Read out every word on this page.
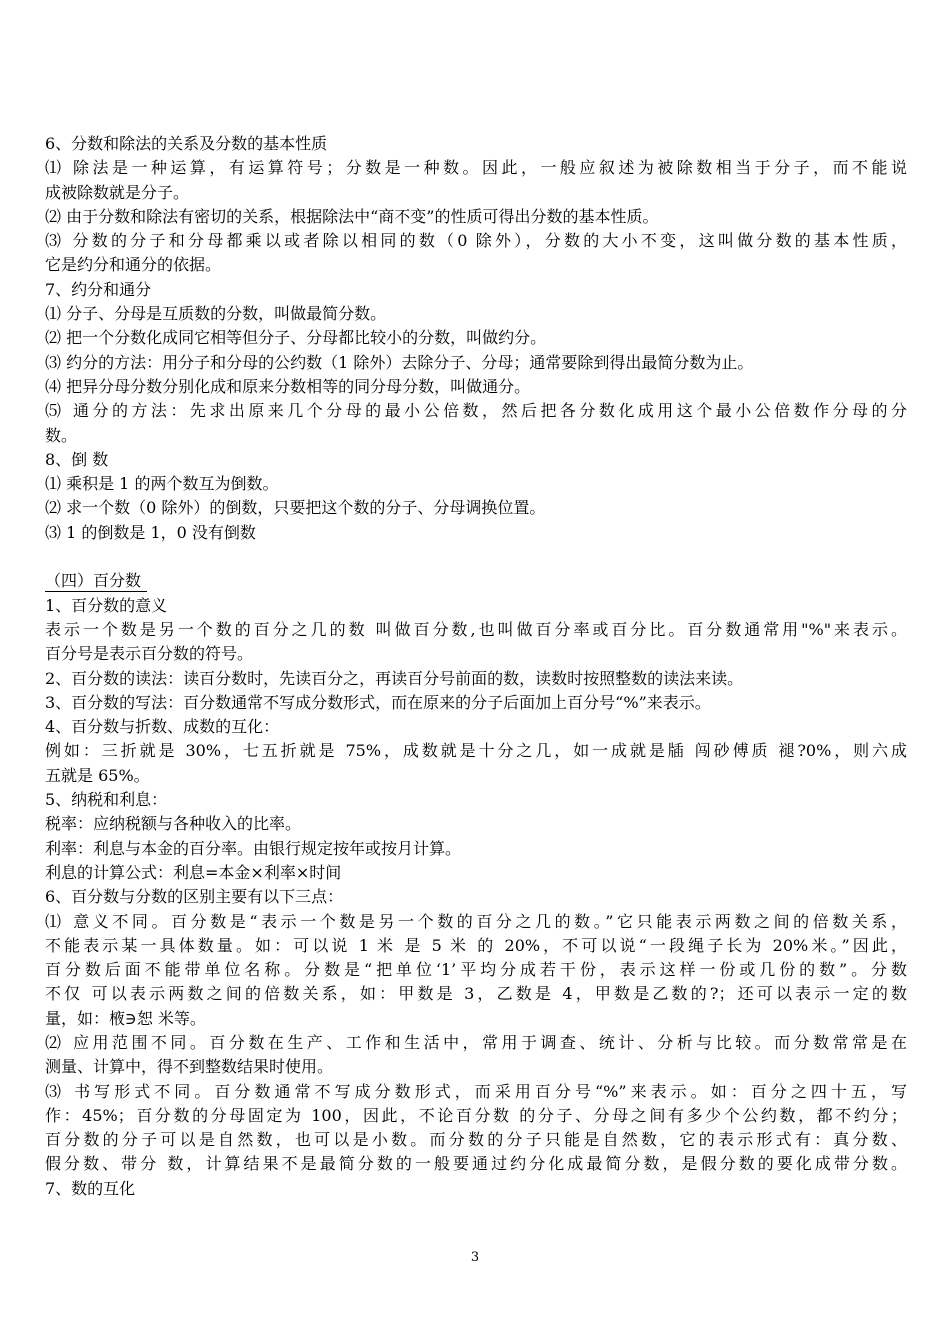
6、分数和除法的关系及分数的基本性质
⑴ 除法是一种运算，有运算符号；分数是一种数。因此，一般应叙述为被除数相当于分子，而不能说
成被除数就是分子。
⑵ 由于分数和除法有密切的关系，根据除法中“商不变”的性质可得出分数的基本性质。
⑶ 分数的分子和分母都乘以或者除以相同的数（0 除外），分数的大小不变，这叫做分数的基本性质，
它是约分和通分的依据。
7、约分和通分
⑴ 分子、分母是互质数的分数，叫做最简分数。
⑵ 把一个分数化成同它相等但分子、分母都比较小的分数，叫做约分。
⑶ 约分的方法：用分子和分母的公约数（1 除外）去除分子、分母；通常要除到得出最简分数为止。
⑷ 把异分母分数分别化成和原来分数相等的同分母分数，叫做通分。
⑸ 通分的方法：先求出原来几个分母的最小公倍数，然后把各分数化成用这个最小公倍数作分母的分
数。
8、倒 数
⑴ 乘积是 1 的两个数互为倒数。
⑵ 求一个数（0 除外）的倒数，只要把这个数的分子、分母调换位置。
⑶ 1 的倒数是 1，0 没有倒数
（四）百分数
1、百分数的意义
表示一个数是另一个数的百分之几的数 叫做百分数,也叫做百分率或百分比。百分数通常用"%"来表示。
百分号是表示百分数的符号。
2、百分数的读法：读百分数时，先读百分之，再读百分号前面的数，读数时按照整数的读法来读。
3、百分数的写法：百分数通常不写成分数形式，而在原来的分子后面加上百分号“%”来表示。
4、百分数与折数、成数的互化：
例如：三折就是 30%，七五折就是 75%，成数就是十分之几，如一成就是牐 闯砂傅质 褪?0%，则六成
五就是 65%。
5、纳税和利息：
税率：应纳税额与各种收入的比率。
利率：利息与本金的百分率。由银行规定按年或按月计算。
利息的计算公式：利息=本金×利率×时间
6、百分数与分数的区别主要有以下三点：
⑴ 意义不同。百分数是“表示一个数是另一个数的百分之几的数。”它只能表示两数之间的倍数关系，
不能表示某一具体数量。如：可以说 1 米 是 5 米 的 20%，不可以说“一段绳子长为 20%米。”因此，
百分数后面不能带单位名称。分数是“把单位‘1’平均分成若干份，表示这样一份或几份的数”。分数
不仅 可以表示两数之间的倍数关系，如：甲数是 3，乙数是 4，甲数是乙数的?；还可以表示一定的数
量，如：棭∋恕 米等。
⑵ 应用范围不同。百分数在生产、工作和生活中，常用于调查、统计、分析与比较。而分数常常是在
测量、计算中，得不到整数结果时使用。
⑶ 书写形式不同。百分数通常不写成分数形式，而采用百分号“%”来表示。如：百分之四十五，写
作：45%；百分数的分母固定为 100，因此，不论百分数 的分子、分母之间有多少个公约数，都不约分；
百分数的分子可以是自然数，也可以是小数。而分数的分子只能是自然数，它的表示形式有：真分数、
假分数、带分 数，计算结果不是最简分数的一般要通过约分化成最简分数，是假分数的要化成带分数。
7、数的互化
3
